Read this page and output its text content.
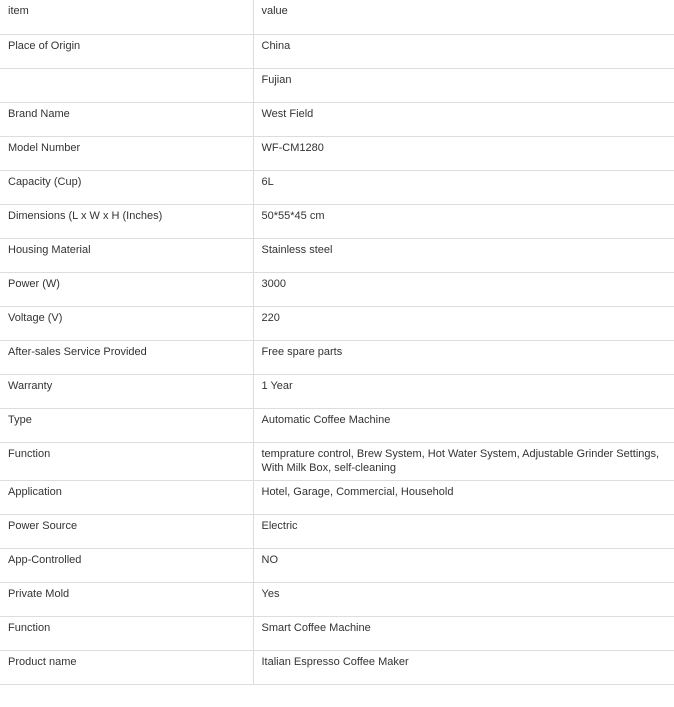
item	value
Place of Origin	China
	Fujian
Brand Name	West Field
Model Number	WF-CM1280
Capacity (Cup)	6L
Dimensions (L x W x H (Inches)	50*55*45 cm
Housing Material	Stainless steel
Power (W)	3000
Voltage (V)	220
After-sales Service Provided	Free spare parts
Warranty	1 Year
Type	Automatic Coffee Machine
Function	temprature control, Brew System, Hot Water System, Adjustable Grinder Settings, With Milk Box, self-cleaning
Application	Hotel, Garage, Commercial, Household
Power Source	Electric
App-Controlled	NO
Private Mold	Yes
Function	Smart Coffee Machine
Product name	Italian Espresso Coffee Maker
